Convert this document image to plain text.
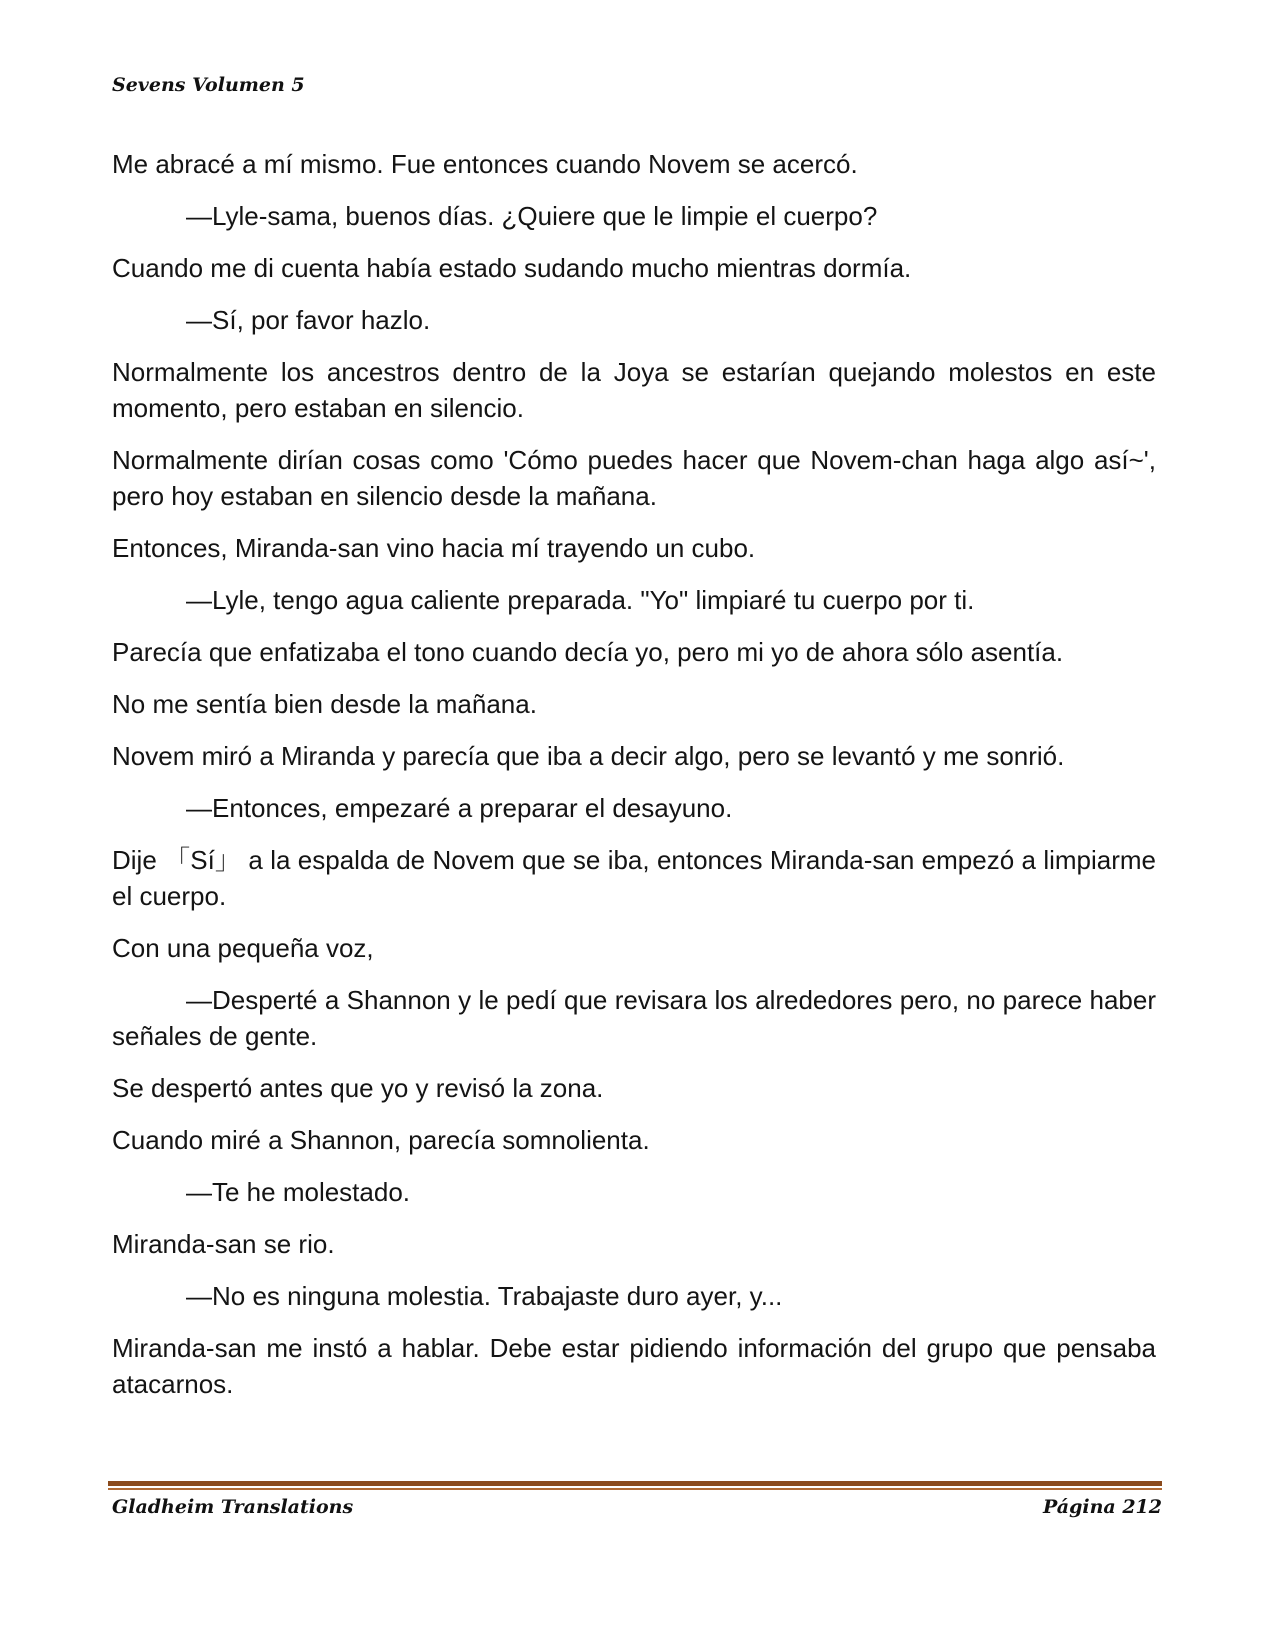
Sevens Volumen 5

Me abracé a mí mismo. Fue entonces cuando Novem se acercó.

—Lyle-sama, buenos días. ¿Quiere que le limpie el cuerpo?

Cuando me di cuenta había estado sudando mucho mientras dormía.

—Sí, por favor hazlo.

Normalmente los ancestros dentro de la Joya se estarían quejando molestos en este momento, pero estaban en silencio.

Normalmente dirían cosas como 'Cómo puedes hacer que Novem-chan haga algo así~', pero hoy estaban en silencio desde la mañana.

Entonces, Miranda-san vino hacia mí trayendo un cubo.

—Lyle, tengo agua caliente preparada. "Yo" limpiaré tu cuerpo por ti.

Parecía que enfatizaba el tono cuando decía yo, pero mi yo de ahora sólo asentía.

No me sentía bien desde la mañana.

Novem miró a Miranda y parecía que iba a decir algo, pero se levantó y me sonrió.

—Entonces, empezaré a preparar el desayuno.

Dije 「Sí」 a la espalda de Novem que se iba, entonces Miranda-san empezó a limpiarme el cuerpo.

Con una pequeña voz,

—Desperté a Shannon y le pedí que revisara los alrededores pero, no parece haber señales de gente.

Se despertó antes que yo y revisó la zona.

Cuando miré a Shannon, parecía somnolienta.

—Te he molestado.

Miranda-san se rio.

—No es ninguna molestia. Trabajaste duro ayer, y...

Miranda-san me instó a hablar. Debe estar pidiendo información del grupo que pensaba atacarnos.

Gladheim Translations	Página 212
